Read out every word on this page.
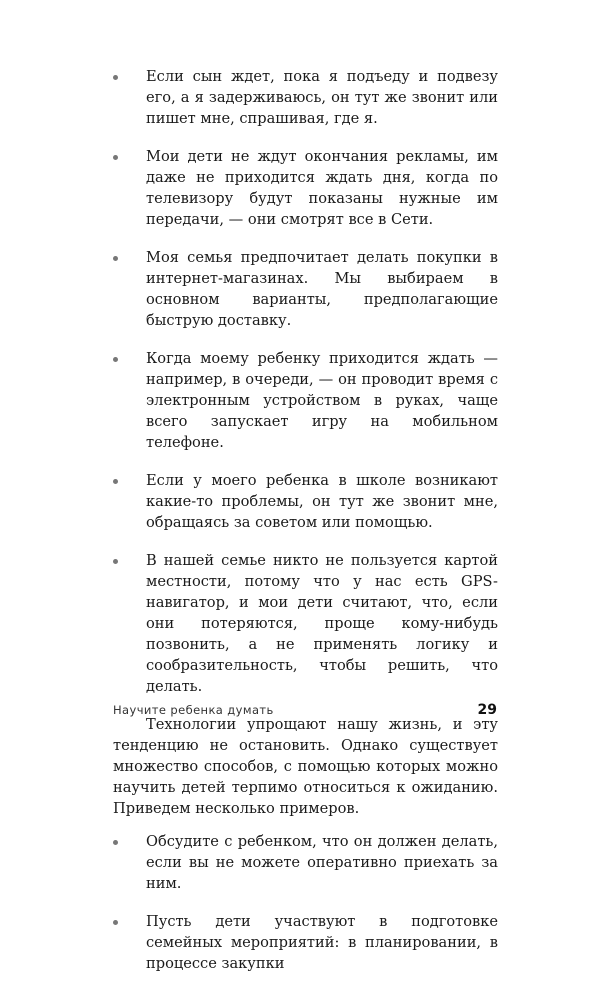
Если сын ждет, пока я подъеду и подвезу его, а я задерживаюсь, он тут же звонит или пишет мне, спрашивая, где я.
Мои дети не ждут окончания рекламы, им даже не приходится ждать дня, когда по телевизору будут показаны нужные им передачи, — они смотрят все в Сети.
Моя семья предпочитает делать покупки в интернет-магазинах. Мы выбираем в основном варианты, предполагающие быструю доставку.
Когда моему ребенку приходится ждать — например, в очереди, — он проводит время с электронным устройством в руках, чаще всего запускает игру на мобильном телефоне.
Если у моего ребенка в школе возникают какие-то проблемы, он тут же звонит мне, обращаясь за советом или помощью.
В нашей семье никто не пользуется картой местности, потому что у нас есть GPS-навигатор, и мои дети считают, что, если они потеряются, проще кому-нибудь позвонить, а не применять логику и сообразительность, чтобы решить, что делать.

Технологии упрощают нашу жизнь, и эту тенденцию не остановить. Однако существует множество способов, с помощью которых можно научить детей терпимо относиться к ожиданию. Приведем несколько примеров.

Обсудите с ребенком, что он должен делать, если вы не можете оперативно приехать за ним.
Пусть дети участвуют в подготовке семейных мероприятий: в планировании, в процессе закупки
Научите ребенка думать	29
